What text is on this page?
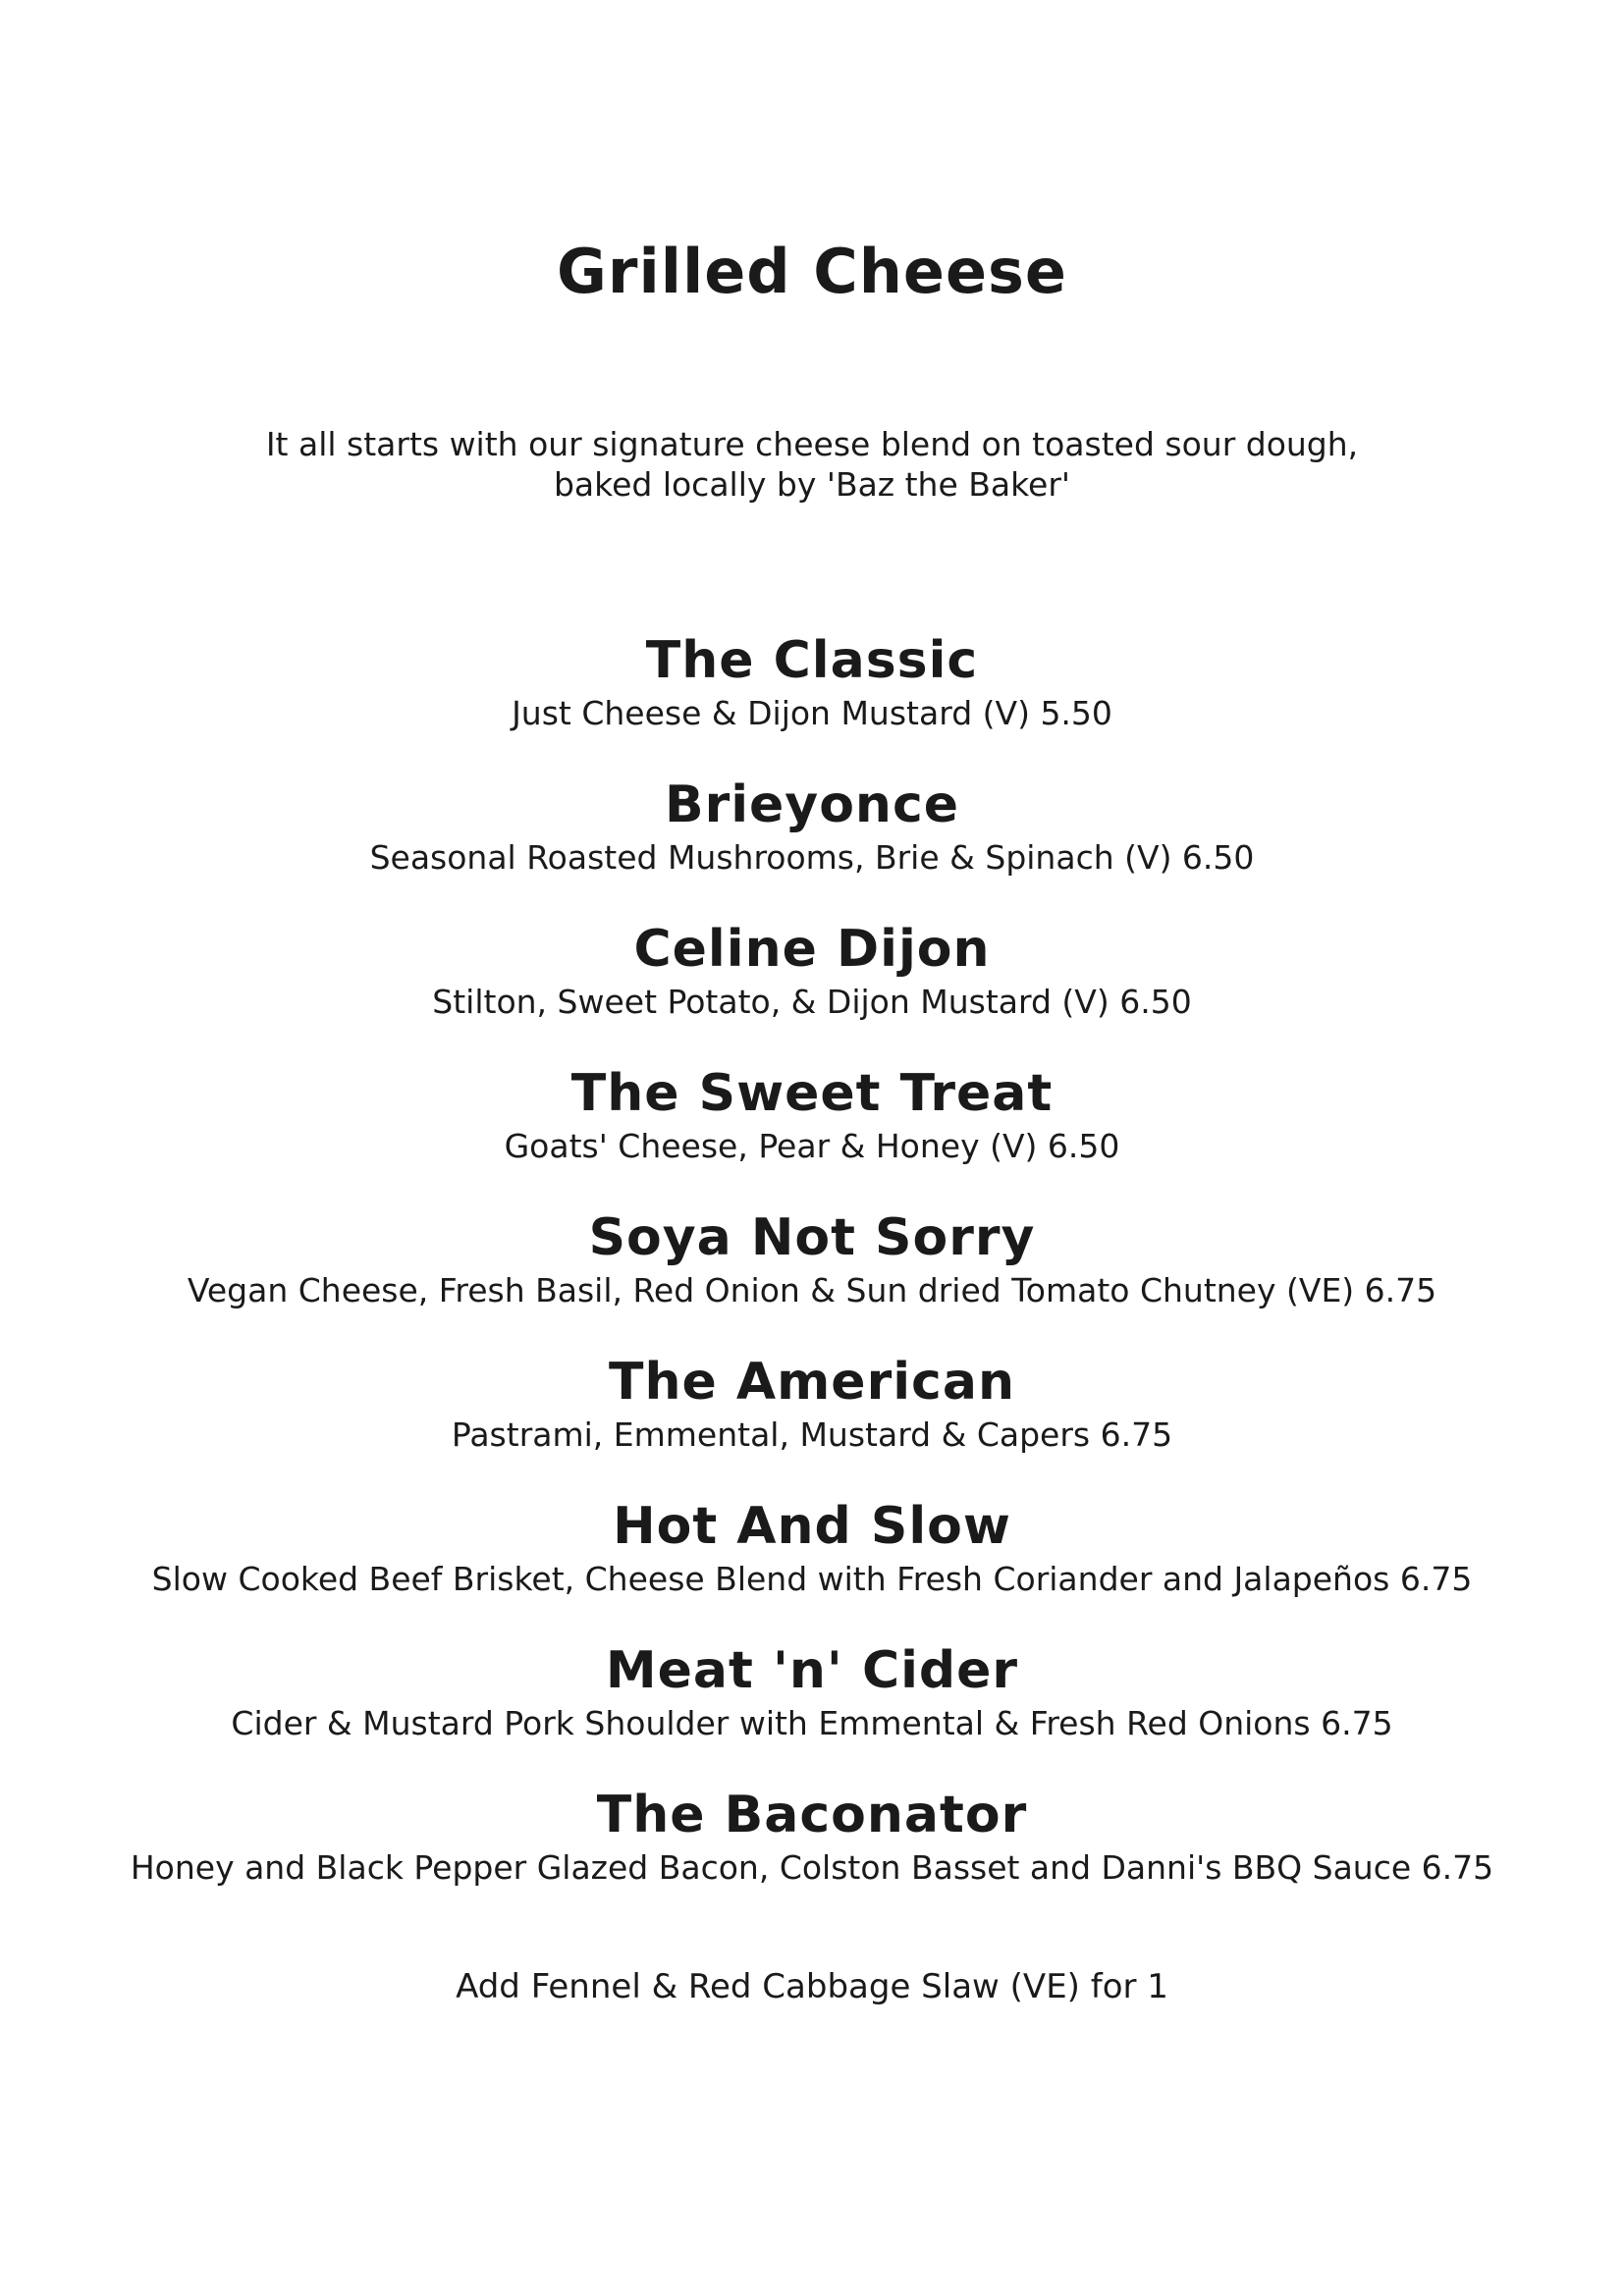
Grilled Cheese
It all starts with our signature cheese blend on toasted sour dough,
baked locally by 'Baz the Baker'
The Classic
Just Cheese & Dijon Mustard (V) 5.50
Brieyonce
Seasonal Roasted Mushrooms, Brie & Spinach (V) 6.50
Celine Dijon
Stilton, Sweet Potato, & Dijon Mustard (V) 6.50
The Sweet Treat
Goats' Cheese, Pear & Honey (V) 6.50
Soya Not Sorry
Vegan Cheese, Fresh Basil, Red Onion & Sun dried Tomato Chutney (VE) 6.75
The American
Pastrami, Emmental, Mustard & Capers 6.75
Hot And Slow
Slow Cooked Beef Brisket, Cheese Blend with Fresh Coriander and Jalapeños 6.75
Meat 'n' Cider
Cider & Mustard Pork Shoulder with Emmental & Fresh Red Onions 6.75
The Baconator
Honey and Black Pepper Glazed Bacon, Colston Basset and Danni's BBQ Sauce 6.75
Add Fennel & Red Cabbage Slaw (VE) for 1
